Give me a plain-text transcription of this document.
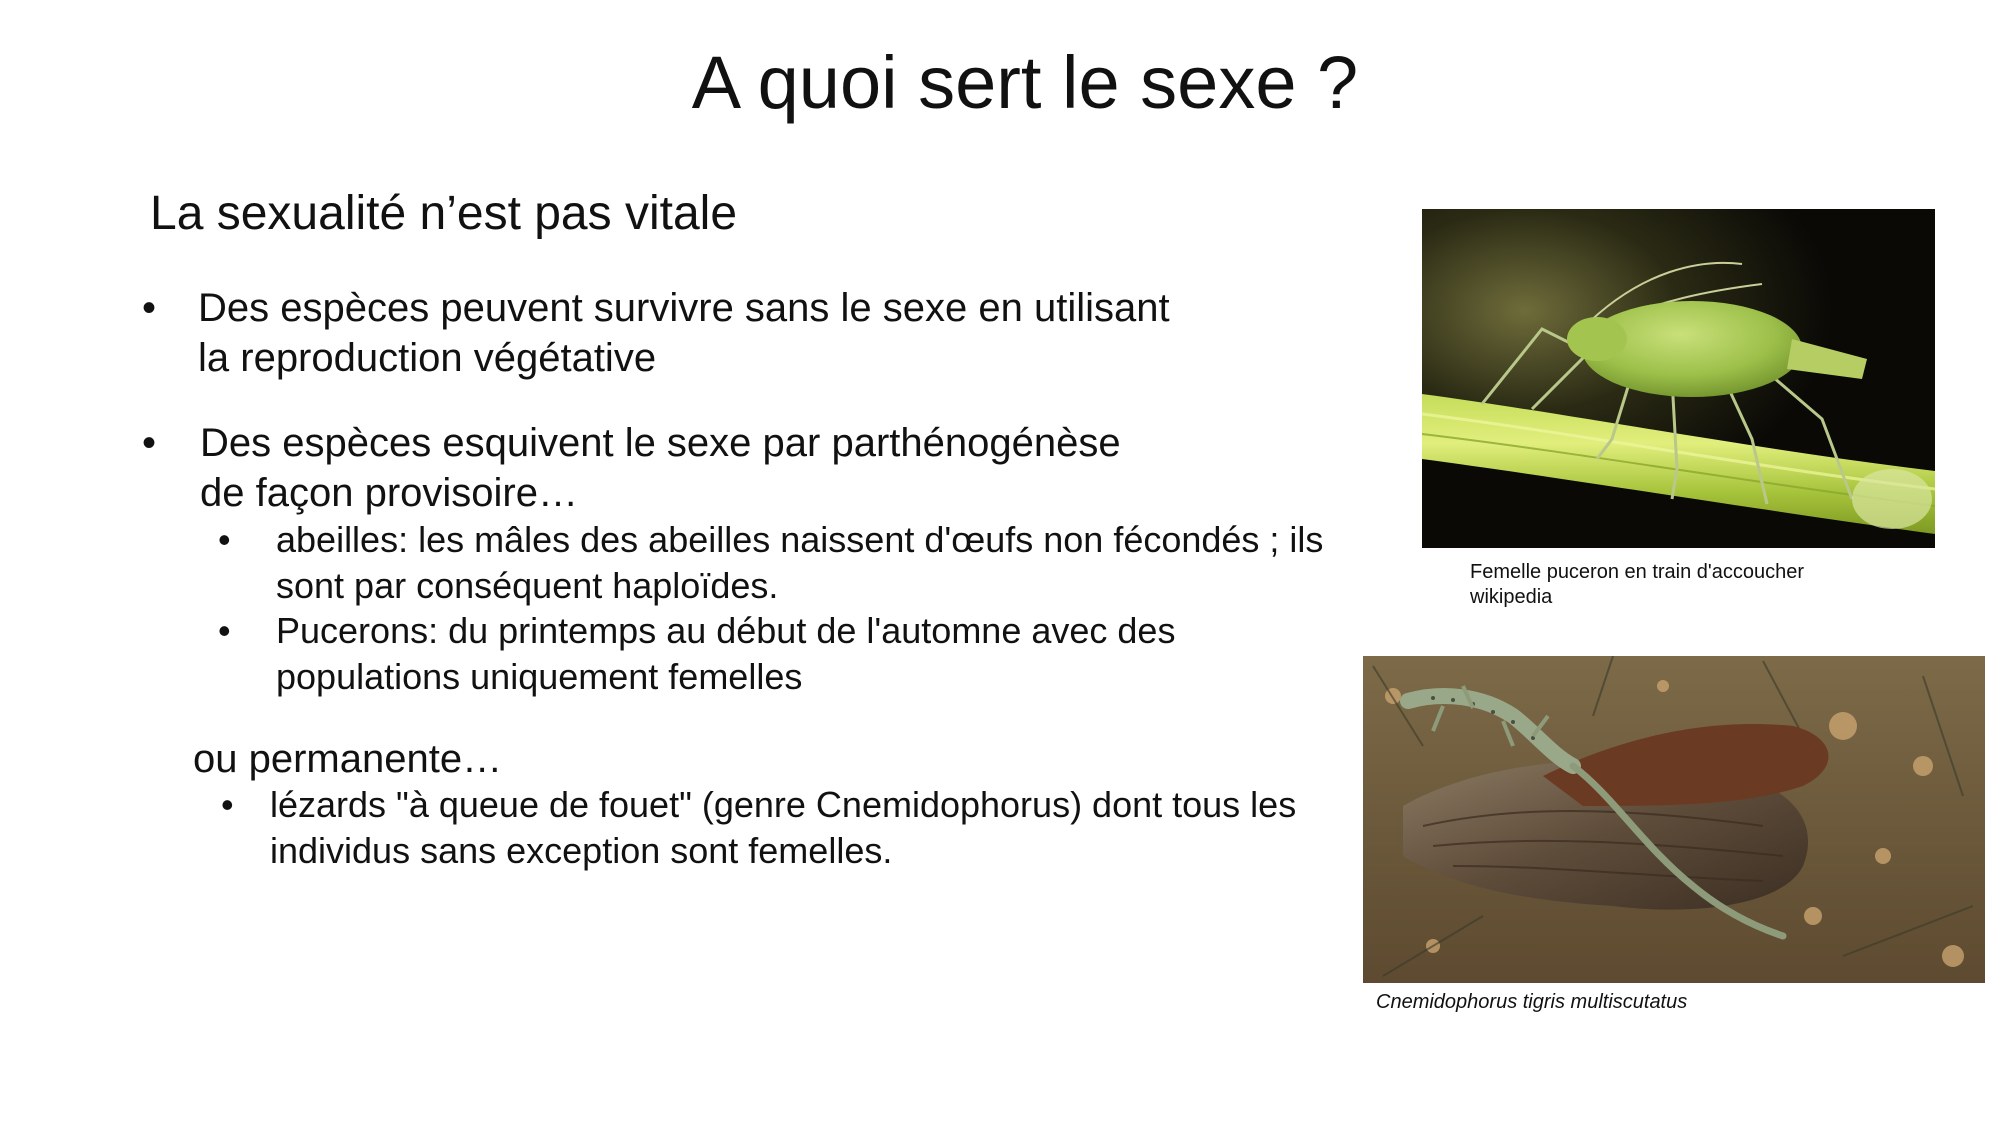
A quoi sert le sexe ?
La sexualité n’est pas vitale
• Des espèces peuvent survivre sans le sexe en utilisant
la reproduction végétative
• Des espèces esquivent le sexe par parthénogénèse
de façon provisoire…
• abeilles: les mâles des abeilles naissent d'œufs non fécondés ; ils
sont par conséquent haploïdes.
• Pucerons: du printemps au début de l'automne avec des
populations uniquement femelles
ou permanente…
• lézards "à queue de fouet" (genre Cnemidophorus) dont tous les
individus sans exception sont femelles.
Femelle puceron en train d'accoucher
wikipedia
Cnemidophorus tigris multiscutatus
